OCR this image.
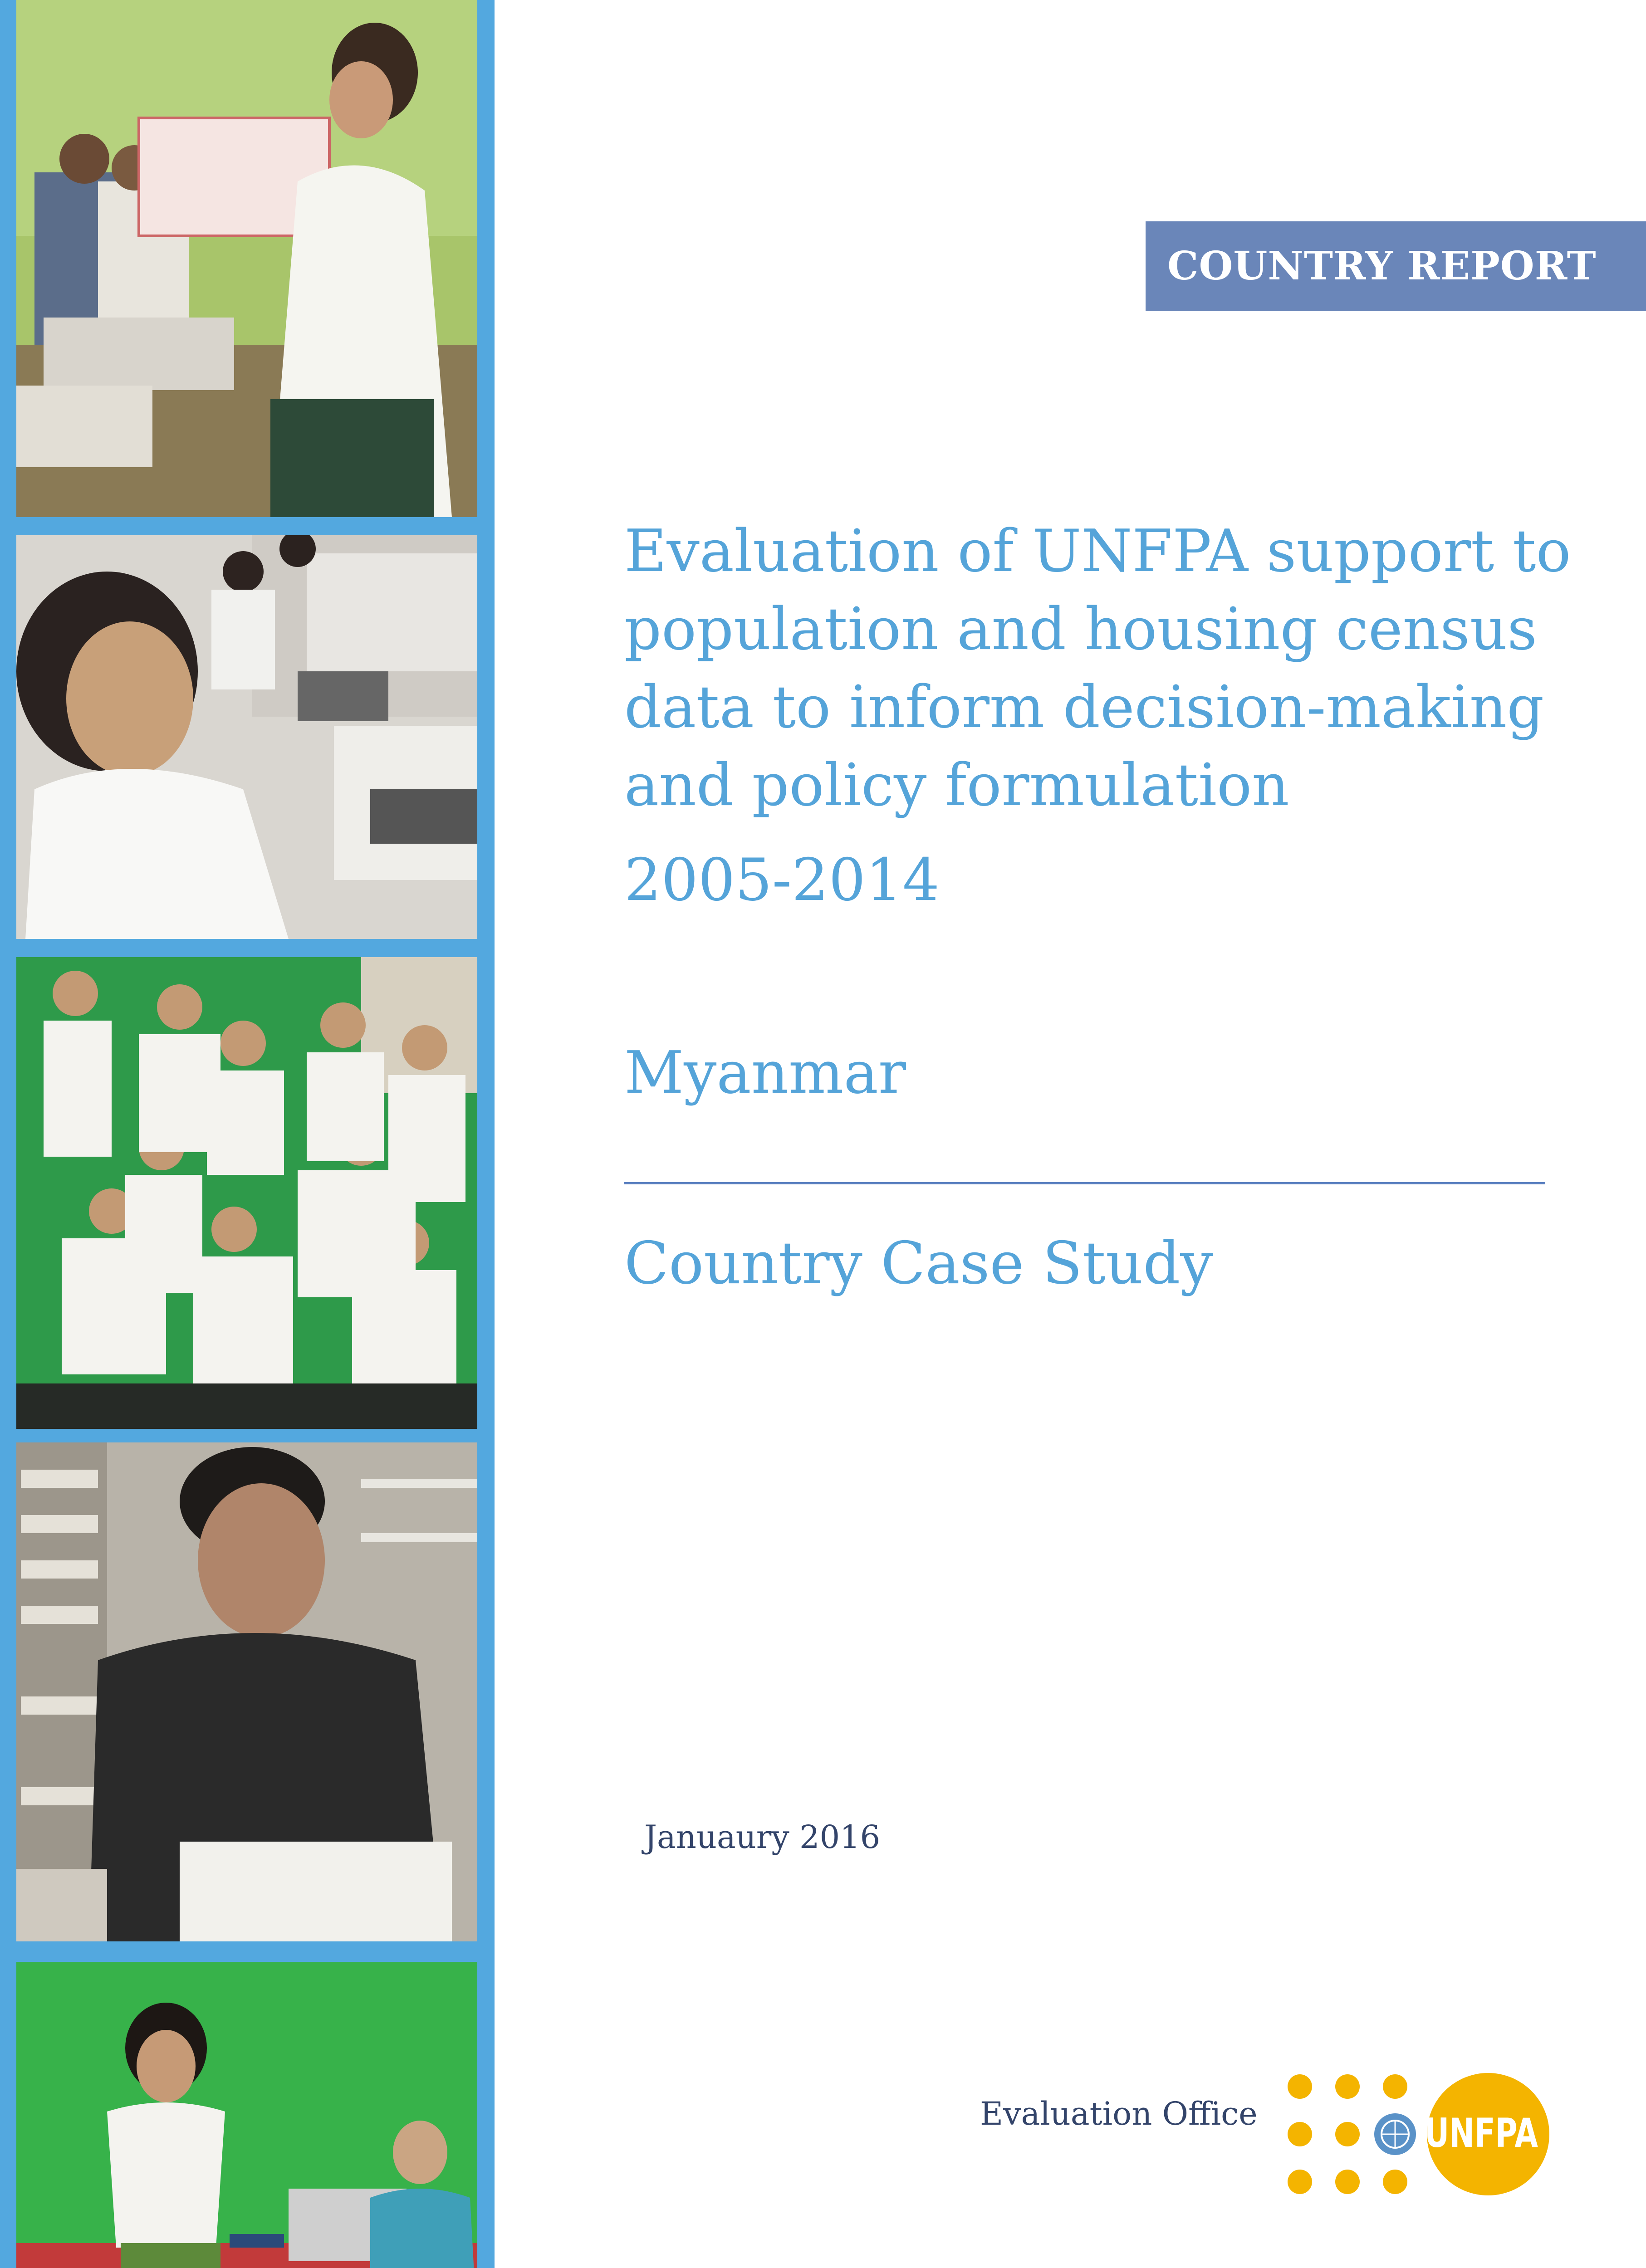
COUNTRY REPORT
Evaluation of UNFPA support to
population and housing census
data to inform decision-making
and policy formulation
2005-2014
Myanmar
Country Case Study
Januaury 2016
Evaluation Office	UNFPA
